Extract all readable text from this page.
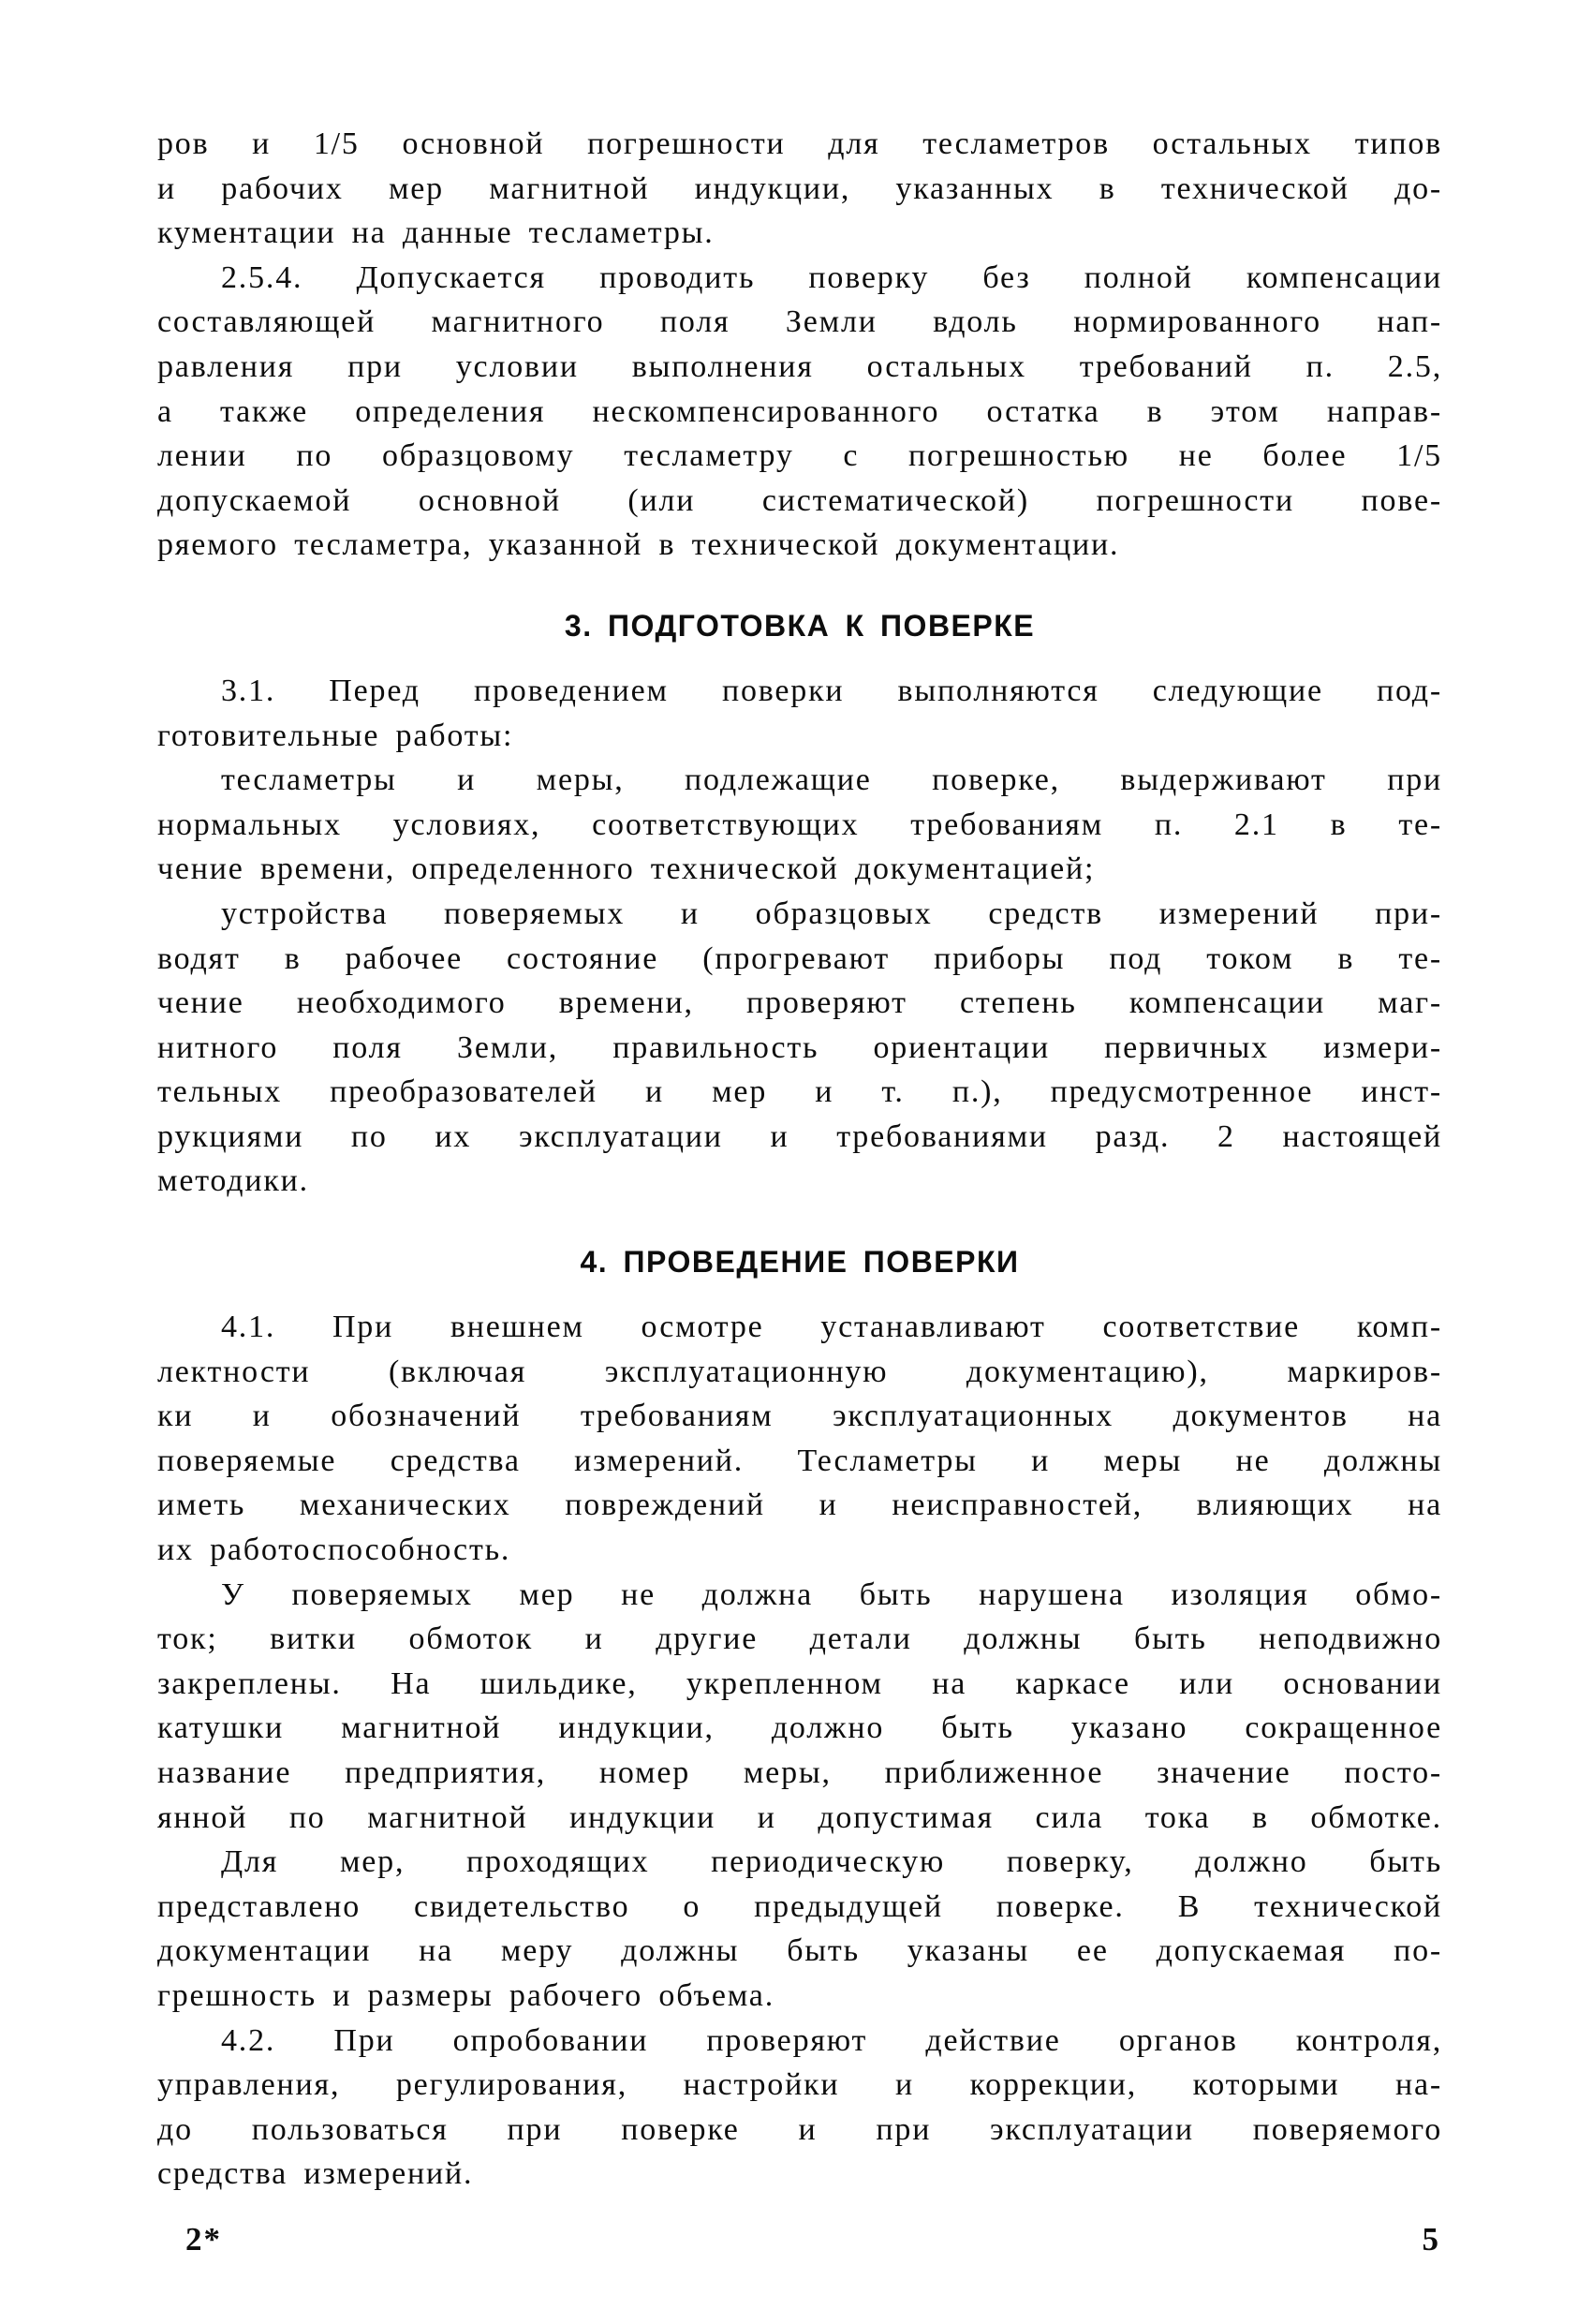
ров и 1/5 основной погрешности для тесламетров остальных типов
и рабочих мер магнитной индукции, указанных в технической до-
кументации на данные тесламетры.
2.5.4. Допускается проводить поверку без полной компенсации
составляющей магнитного поля Земли вдоль нормированного нап-
равления при условии выполнения остальных требований п. 2.5,
а также определения нескомпенсированного остатка в этом направ-
лении по образцовому тесламетру с погрешностью не более 1/5
допускаемой основной (или систематической) погрешности пове-
ряемого тесламетра, указанной в технической документации.
3. ПОДГОТОВКА К ПОВЕРКЕ
3.1. Перед проведением поверки выполняются следующие под-
готовительные работы:
тесламетры и меры, подлежащие поверке, выдерживают при
нормальных условиях, соответствующих требованиям п. 2.1 в те-
чение времени, определенного технической документацией;
устройства поверяемых и образцовых средств измерений при-
водят в рабочее состояние (прогревают приборы под током в те-
чение необходимого времени, проверяют степень компенсации маг-
нитного поля Земли, правильность ориентации первичных измери-
тельных преобразователей и мер и т. п.), предусмотренное инст-
рукциями по их эксплуатации и требованиями разд. 2 настоящей
методики.
4. ПРОВЕДЕНИЕ ПОВЕРКИ
4.1. При внешнем осмотре устанавливают соответствие комп-
лектности (включая эксплуатационную документацию), маркиров-
ки и обозначений требованиям эксплуатационных документов на
поверяемые средства измерений. Тесламетры и меры не должны
иметь механических повреждений и неисправностей, влияющих на
их работоспособность.
У поверяемых мер не должна быть нарушена изоляция обмо-
ток; витки обмоток и другие детали должны быть неподвижно
закреплены. На шильдике, укрепленном на каркасе или основании
катушки магнитной индукции, должно быть указано сокращенное
название предприятия, номер меры, приближенное значение посто-
янной по магнитной индукции и допустимая сила тока в обмотке.
Для мер, проходящих периодическую поверку, должно быть
представлено свидетельство о предыдущей поверке. В технической
документации на меру должны быть указаны ее допускаемая по-
грешность и размеры рабочего объема.
4.2. При опробовании проверяют действие органов контроля,
управления, регулирования, настройки и коррекции, которыми на-
до пользоваться при поверке и при эксплуатации поверяемого
средства измерений.
2*	5
